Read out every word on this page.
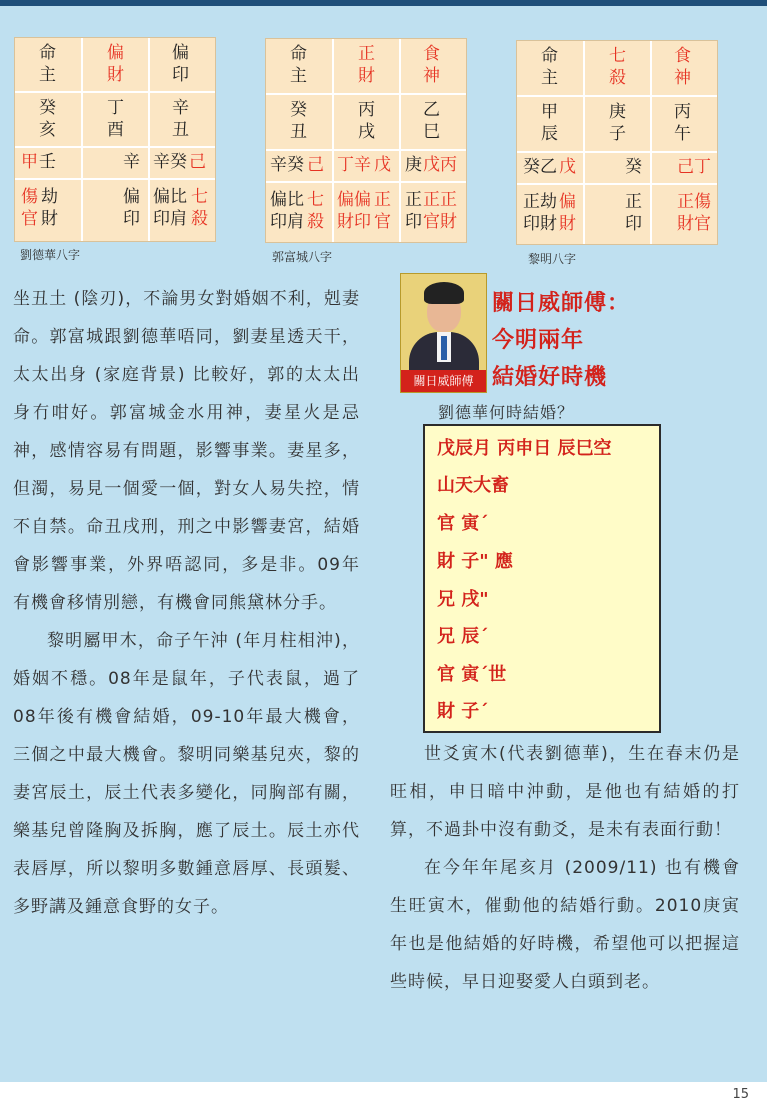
命
主
偏
財
偏
印
癸
亥
丁
酉
辛
丑
甲 壬	辛 辛癸 己
傷
官
劫
財
偏
印
偏比
印肩
七
殺
劉德華八字
命
主
正
財
食
神
癸
丑
丙
戌
乙
巳
辛癸 己 丁辛 戊 庚 戊丙
偏比
印肩
七
殺
偏偏
財印
正
官
正
印
正正
官財
郭富城八字
命
主
七
殺
食
神
甲
辰
庚
子
丙
午
癸乙 戊	癸 己丁
正劫
印財
偏
財
正
印
正傷
財官
黎明八字

坐丑土 (陰刃)，不論男女對婚姻不利，剋妻命。郭富城跟劉德華唔同，劉妻星透天干，太太出身 (家庭背景) 比較好，郭的太太出身冇咁好。郭富城金水用神，妻星火是忌神，感情容易有問題，影響事業。妻星多，但濁，易見一個愛一個，對女人易失控，情不自禁。命丑戌刑，刑之中影響妻宮，結婚會影響事業，外界唔認同，多是非。09年有機會移情別戀，有機會同熊黛林分手。

黎明屬甲木，命子午沖 (年月柱相沖)，婚姻不穩。08年是鼠年，子代表鼠，過了08年後有機會結婚，09-10年最大機會，三個之中最大機會。黎明同樂基兒夾，黎的妻宮辰土，辰土代表多變化，同胸部有關，樂基兒曾隆胸及拆胸，應了辰土。辰土亦代表唇厚，所以黎明多數鍾意唇厚、長頭髮、多野講及鍾意食野的女子。

關日威師傅
關日威師傅：
今明兩年
結婚好時機
劉德華何時結婚？
戊辰月 丙申日 辰巳空
山天大畜
官 寅ˊ
財 子" 應
兄 戌"
兄 辰ˊ
官 寅ˊ世
財 子ˊ

世爻寅木(代表劉德華)，生在春末仍是旺相，申日暗中沖動，是他也有結婚的打算，不過卦中沒有動爻，是未有表面行動！

在今年年尾亥月 (2009/11) 也有機會生旺寅木，催動他的結婚行動。2010庚寅年也是他結婚的好時機，希望他可以把握這些時候，早日迎娶愛人白頭到老。

15
